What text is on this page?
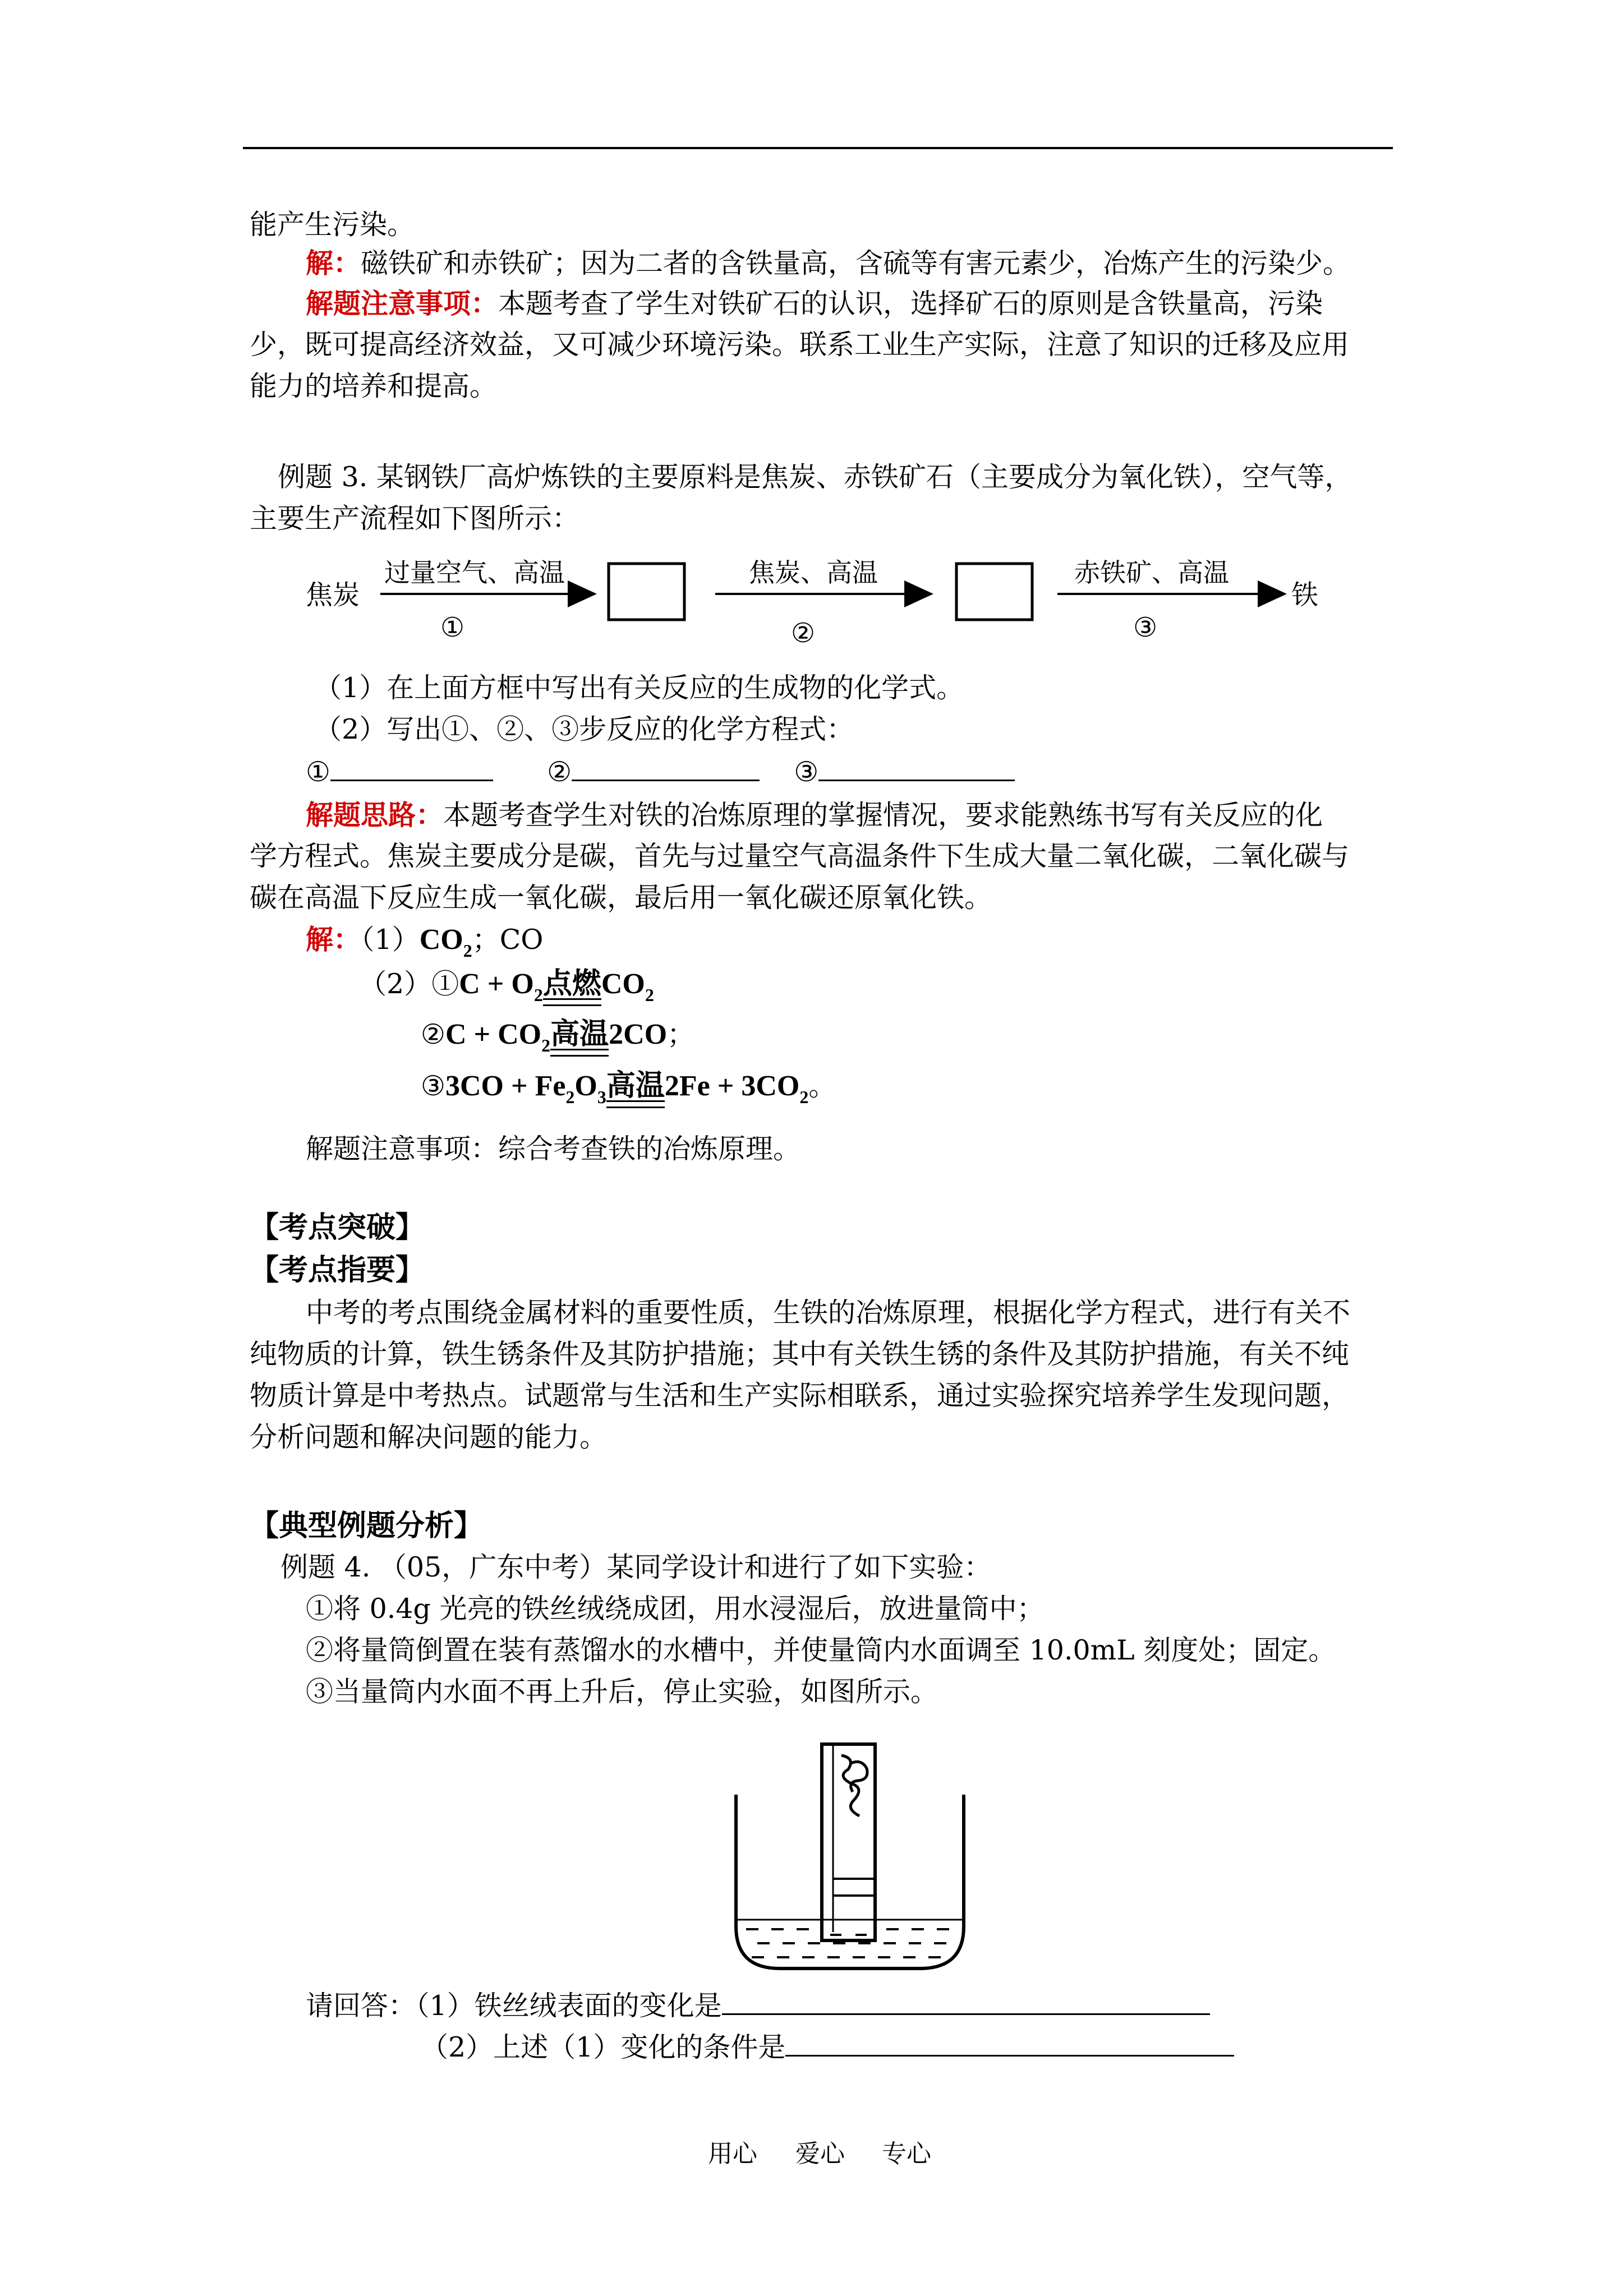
能产生污染。
解：磁铁矿和赤铁矿；因为二者的含铁量高，含硫等有害元素少，冶炼产生的污染少。
解题注意事项：本题考查了学生对铁矿石的认识，选择矿石的原则是含铁量高，污染
少，既可提高经济效益，又可减少环境污染。联系工业生产实际，注意了知识的迁移及应用
能力的培养和提高。
例题 3. 某钢铁厂高炉炼铁的主要原料是焦炭、赤铁矿石（主要成分为氧化铁），空气等，
主要生产流程如下图所示：
焦炭
过量空气、高温
①
焦炭、高温
②
赤铁矿、高温
③
铁
（1）在上面方框中写出有关反应的生成物的化学式。
（2）写出①、②、③步反应的化学方程式：
①	②	③
解题思路：本题考查学生对铁的冶炼原理的掌握情况，要求能熟练书写有关反应的化
学方程式。焦炭主要成分是碳，首先与过量空气高温条件下生成大量二氧化碳，二氧化碳与
碳在高温下反应生成一氧化碳，最后用一氧化碳还原氧化铁。
解：$(1)CO_2$；CO
（2）①C + $O_2$点燃$CO_2$
②C + $CO_2$高温2CO；
③3CO + $Fe_2O_3$高温$2Fe + 3CO_2$。
解题注意事项：综合考查铁的冶炼原理。
【考点突破】
【考点指要】
中考的考点围绕金属材料的重要性质，生铁的冶炼原理，根据化学方程式，进行有关不
纯物质的计算，铁生锈条件及其防护措施；其中有关铁生锈的条件及其防护措施，有关不纯
物质计算是中考热点。试题常与生活和生产实际相联系，通过实验探究培养学生发现问题，
分析问题和解决问题的能力。
【典型例题分析】
例题 4. （05，广东中考）某同学设计和进行了如下实验：
①将 0.4g 光亮的铁丝绒绕成团，用水浸湿后，放进量筒中；
②将量筒倒置在装有蒸馏水的水槽中，并使量筒内水面调至 10.0mL 刻度处；固定。
③当量筒内水面不再上升后，停止实验，如图所示。
请回答：（1）铁丝绒表面的变化是
（2）上述（1）变化的条件是
用心 爱心 专心
